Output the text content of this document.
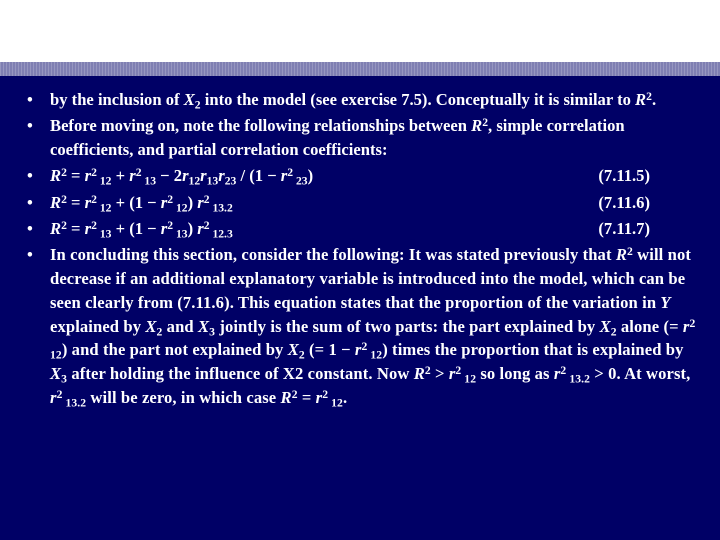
• by the inclusion of $X_2$ into the model (see exercise 7.5). Conceptually it is similar to $R^2$.
• Before moving on, note the following relationships between $R^2$, simple correlation coefficients, and partial correlation coefficients:
• $R^2 = r^2$ $_{12} + r^2$ $_{13} - 2r_{12}r_{13}r_{23} / (1 - r^2$ $_{23}$)	(7.11.5)
• $R^2 = r^2$ $_{12} + (1 - r^2$ $_{12}$) $r^2$ $_{13.2}$	(7.11.6)
• $R^2 = r^2$ $_{13} + (1 - r^2$ $_{13}$) $r^2$ $_{12.3}$	(7.11.7)
• In concluding this section, consider the following: It was stated previously that $R^2$ will not decrease if an additional explanatory variable is introduced into the model, which can be seen clearly from (7.11.6). This equation states that the proportion of the variation in Y explained by $X_2$ and $X_3$ jointly is the sum of two parts: the part explained by $X_2$ alone (= $r^2$ $_{12}$) and the part not explained by $X_2$ (= $1 - r^2$ $_{12}$) times the proportion that is explained by $X_3$ after holding the influence of X2 constant. Now $R^2 > r^2$ $_{12}$ so long as $r^2$ $_{13.2}$ > 0. At worst, $r^2$ $_{13.2}$ will be zero, in which case $R^2 = r^2$ $_{12}$.
